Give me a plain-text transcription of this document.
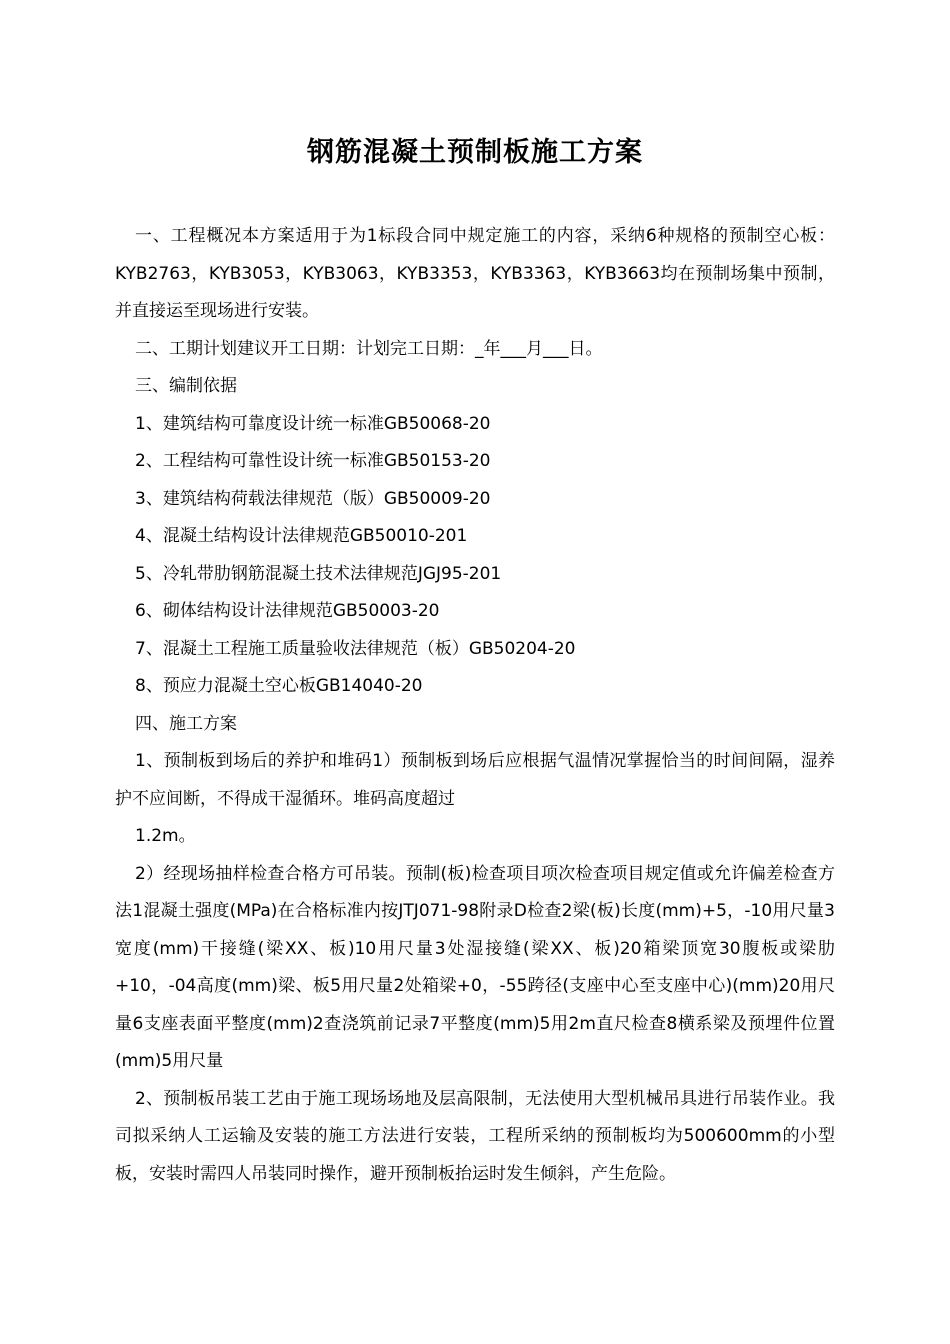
钢筋混凝土预制板施工方案

一、工程概况本方案适用于为1标段合同中规定施工的内容，采纳6种规格的预制空心板：KYB2763，KYB3053，KYB3063，KYB3353，KYB3363，KYB3663均在预制场集中预制，并直接运至现场进行安装。

二、工期计划建议开工日期：计划完工日期：_年___月___日。

三、编制依据

1、建筑结构可靠度设计统一标准GB50068-20

2、工程结构可靠性设计统一标准GB50153-20

3、建筑结构荷载法律规范（版）GB50009-20

4、混凝土结构设计法律规范GB50010-201

5、冷轧带肋钢筋混凝土技术法律规范JGJ95-201

6、砌体结构设计法律规范GB50003-20

7、混凝土工程施工质量验收法律规范（板）GB50204-20

8、预应力混凝土空心板GB14040-20

四、施工方案

1、预制板到场后的养护和堆码1）预制板到场后应根据气温情况掌握恰当的时间间隔，湿养护不应间断，不得成干湿循环。堆码高度超过

1.2m。

2）经现场抽样检查合格方可吊装。预制(板)检查项目项次检查项目规定值或允许偏差检查方法1混凝土强度(MPa)在合格标准内按JTJ071-98附录D检查2梁(板)长度(mm)+5，-10用尺量3宽度(mm)干接缝(梁XX、板)10用尺量3处湿接缝(梁XX、板)20箱梁顶宽30腹板或梁肋+10，-04高度(mm)梁、板5用尺量2处箱梁+0，-55跨径(支座中心至支座中心)(mm)20用尺量6支座表面平整度(mm)2查浇筑前记录7平整度(mm)5用2m直尺检查8横系梁及预埋件位置(mm)5用尺量

2、预制板吊装工艺由于施工现场场地及层高限制，无法使用大型机械吊具进行吊装作业。我司拟采纳人工运输及安装的施工方法进行安装，工程所采纳的预制板均为500600mm的小型板，安装时需四人吊装同时操作，避开预制板抬运时发生倾斜，产生危险。
